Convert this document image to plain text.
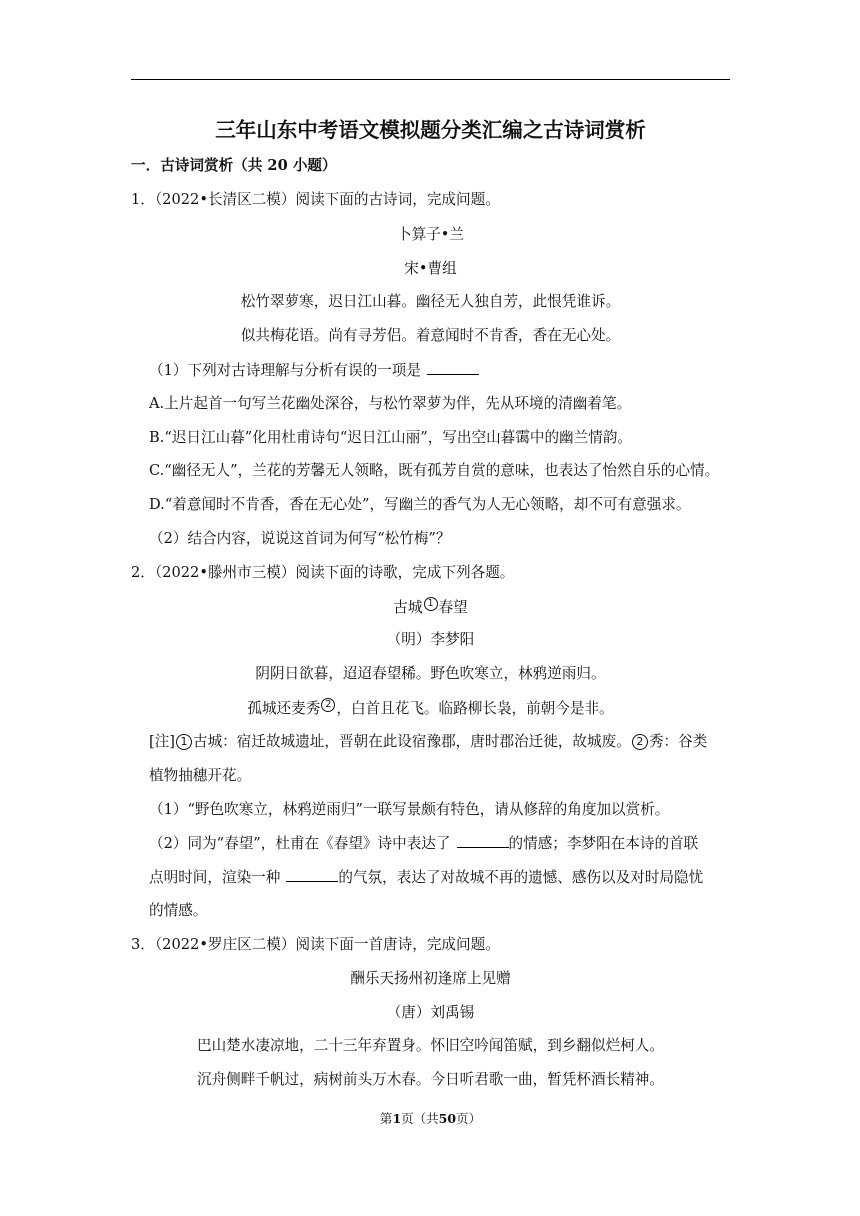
三年山东中考语文模拟题分类汇编之古诗词赏析
一．古诗词赏析（共 20 小题）
1．（2022•长清区二模）阅读下面的古诗词，完成问题。
卜算子•兰
宋•曹组
松竹翠萝寒，迟日江山暮。幽径无人独自芳，此恨凭谁诉。
似共梅花语。尚有寻芳侣。着意闻时不肯香，香在无心处。
（1）下列对古诗理解与分析有误的一项是
A.上片起首一句写兰花幽处深谷，与松竹翠萝为伴，先从环境的清幽着笔。
B.“迟日江山暮”化用杜甫诗句“迟日江山丽”，写出空山暮霭中的幽兰情韵。
C.“幽径无人”，兰花的芳馨无人领略，既有孤芳自赏的意味，也表达了怡然自乐的心情。
D.“着意闻时不肯香，香在无心处”，写幽兰的香气为人无心领略，却不可有意强求。
（2）结合内容，说说这首词为何写“松竹梅”？
2．（2022•滕州市三模）阅读下面的诗歌，完成下列各题。
古城 $^1$ 春望
（明）李梦阳
阴阴日欲暮，迢迢春望稀。野色吹寒立，林鸦逆雨归。
孤城还麦秀 $^2$ ，白首且花飞。临路柳长袅，前朝今是非。
[注] 1 古城：宿迁故城遗址，晋朝在此设宿豫郡，唐时郡治迁徙，故城废。 2 秀：谷类
植物抽穗开花。
（1）“野色吹寒立，林鸦逆雨归”一联写景颇有特色，请从修辞的角度加以赏析。
（2）同为“春望”，杜甫在《春望》诗中表达了	的情感；李梦阳在本诗的首联
点明时间，渲染一种	的气氛，表达了对故城不再的遗憾、感伤以及对时局隐忧
的情感。
3．（2022•罗庄区二模）阅读下面一首唐诗，完成问题。
酬乐天扬州初逢席上见赠
（唐）刘禹锡
巴山楚水凄凉地，二十三年弃置身。怀旧空吟闻笛赋，到乡翻似烂柯人。
沉舟侧畔千帆过，病树前头万木春。今日听君歌一曲，暂凭杯酒长精神。
第1页（共50页）
